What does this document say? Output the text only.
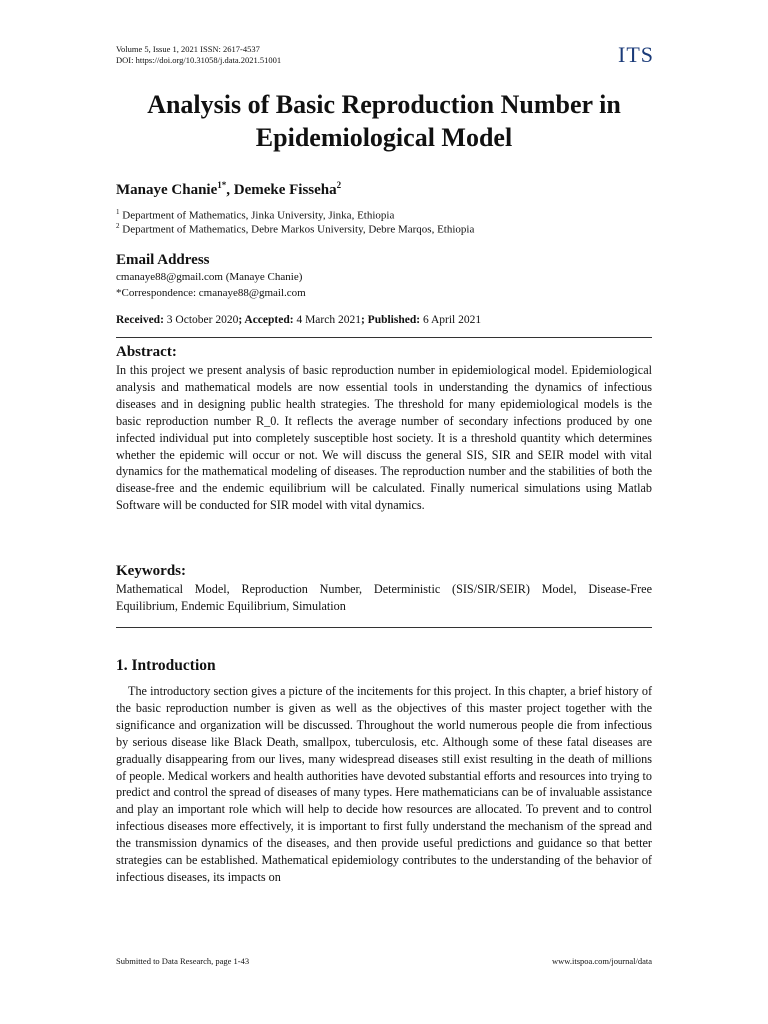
Volume 5, Issue 1, 2021 ISSN: 2617-4537
DOI: https://doi.org/10.31058/j.data.2021.51001	ITS
Analysis of Basic Reproduction Number in
Epidemiological Model
Manaye Chanie$^{1*}$, Demeke Fisseha$^2$
$^1$ Department of Mathematics, Jinka University, Jinka, Ethiopia
$^2$ Department of Mathematics, Debre Markos University, Debre Marqos, Ethiopia
Email Address
cmanaye88@gmail.com (Manaye Chanie)
*Correspondence: cmanaye88@gmail.com
Received: 3 October 2020; Accepted: 4 March 2021; Published: 6 April 2021
Abstract:
In this project we present analysis of basic reproduction number in epidemiological model. Epidemiological analysis and mathematical models are now essential tools in understanding the dynamics of infectious diseases and in designing public health strategies. The threshold for many epidemiological models is the basic reproduction number R_0. It reflects the average number of secondary infections produced by one infected individual put into completely susceptible host society. It is a threshold quantity which determines whether the epidemic will occur or not. We will discuss the general SIS, SIR and SEIR model with vital dynamics for the mathematical modeling of diseases. The reproduction number and the stabilities of both the disease-free and the endemic equilibrium will be calculated. Finally numerical simulations using Matlab Software will be conducted for SIR model with vital dynamics.
Keywords:
Mathematical Model, Reproduction Number, Deterministic (SIS/SIR/SEIR) Model, Disease-Free Equilibrium, Endemic Equilibrium, Simulation
1. Introduction
The introductory section gives a picture of the incitements for this project. In this chapter, a brief history of the basic reproduction number is given as well as the objectives of this master project together with the significance and organization will be discussed. Throughout the world numerous people die from infectious by serious disease like Black Death, smallpox, tuberculosis, etc. Although some of these fatal diseases are gradually disappearing from our lives, many widespread diseases still exist resulting in the death of millions of people. Medical workers and health authorities have devoted substantial efforts and resources into trying to predict and control the spread of diseases of many types. Here mathematicians can be of invaluable assistance and play an important role which will help to decide how resources are allocated. To prevent and to control infectious diseases more effectively, it is important to first fully understand the mechanism of the spread and the transmission dynamics of the diseases, and then provide useful predictions and guidance so that better strategies can be established. Mathematical epidemiology contributes to the understanding of the behavior of infectious diseases, its impacts on
Submitted to Data Research, page 1-43	www.itspoa.com/journal/data
